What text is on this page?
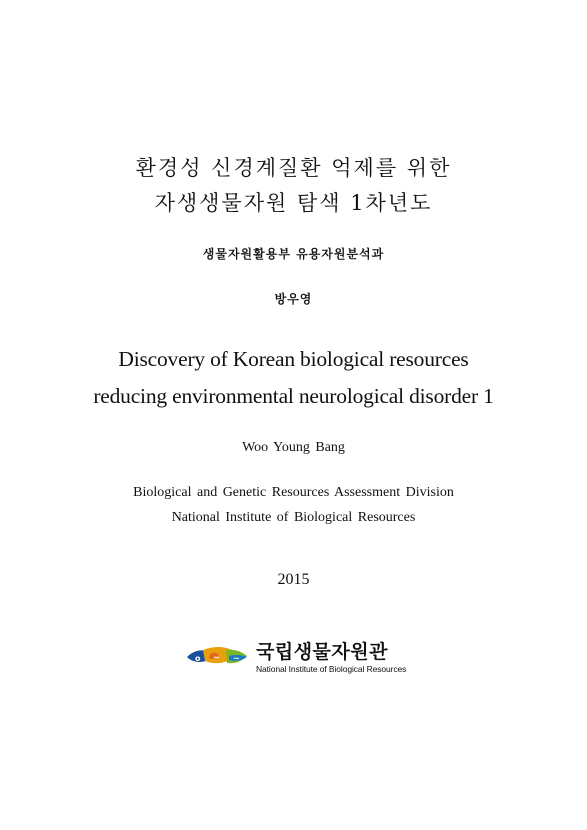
환경성 신경계질환 억제를 위한
자생생물자원 탐색 1차년도
생물자원활용부 유용자원분석과
방우영
Discovery of Korean biological resources
reducing environmental neurological disorder 1
Woo Young Bang
Biological and Genetic Resources Assessment Division
National Institute of Biological Resources
2015
o ~ ~ 국립생물자원관
National Institute of Biological Resources
